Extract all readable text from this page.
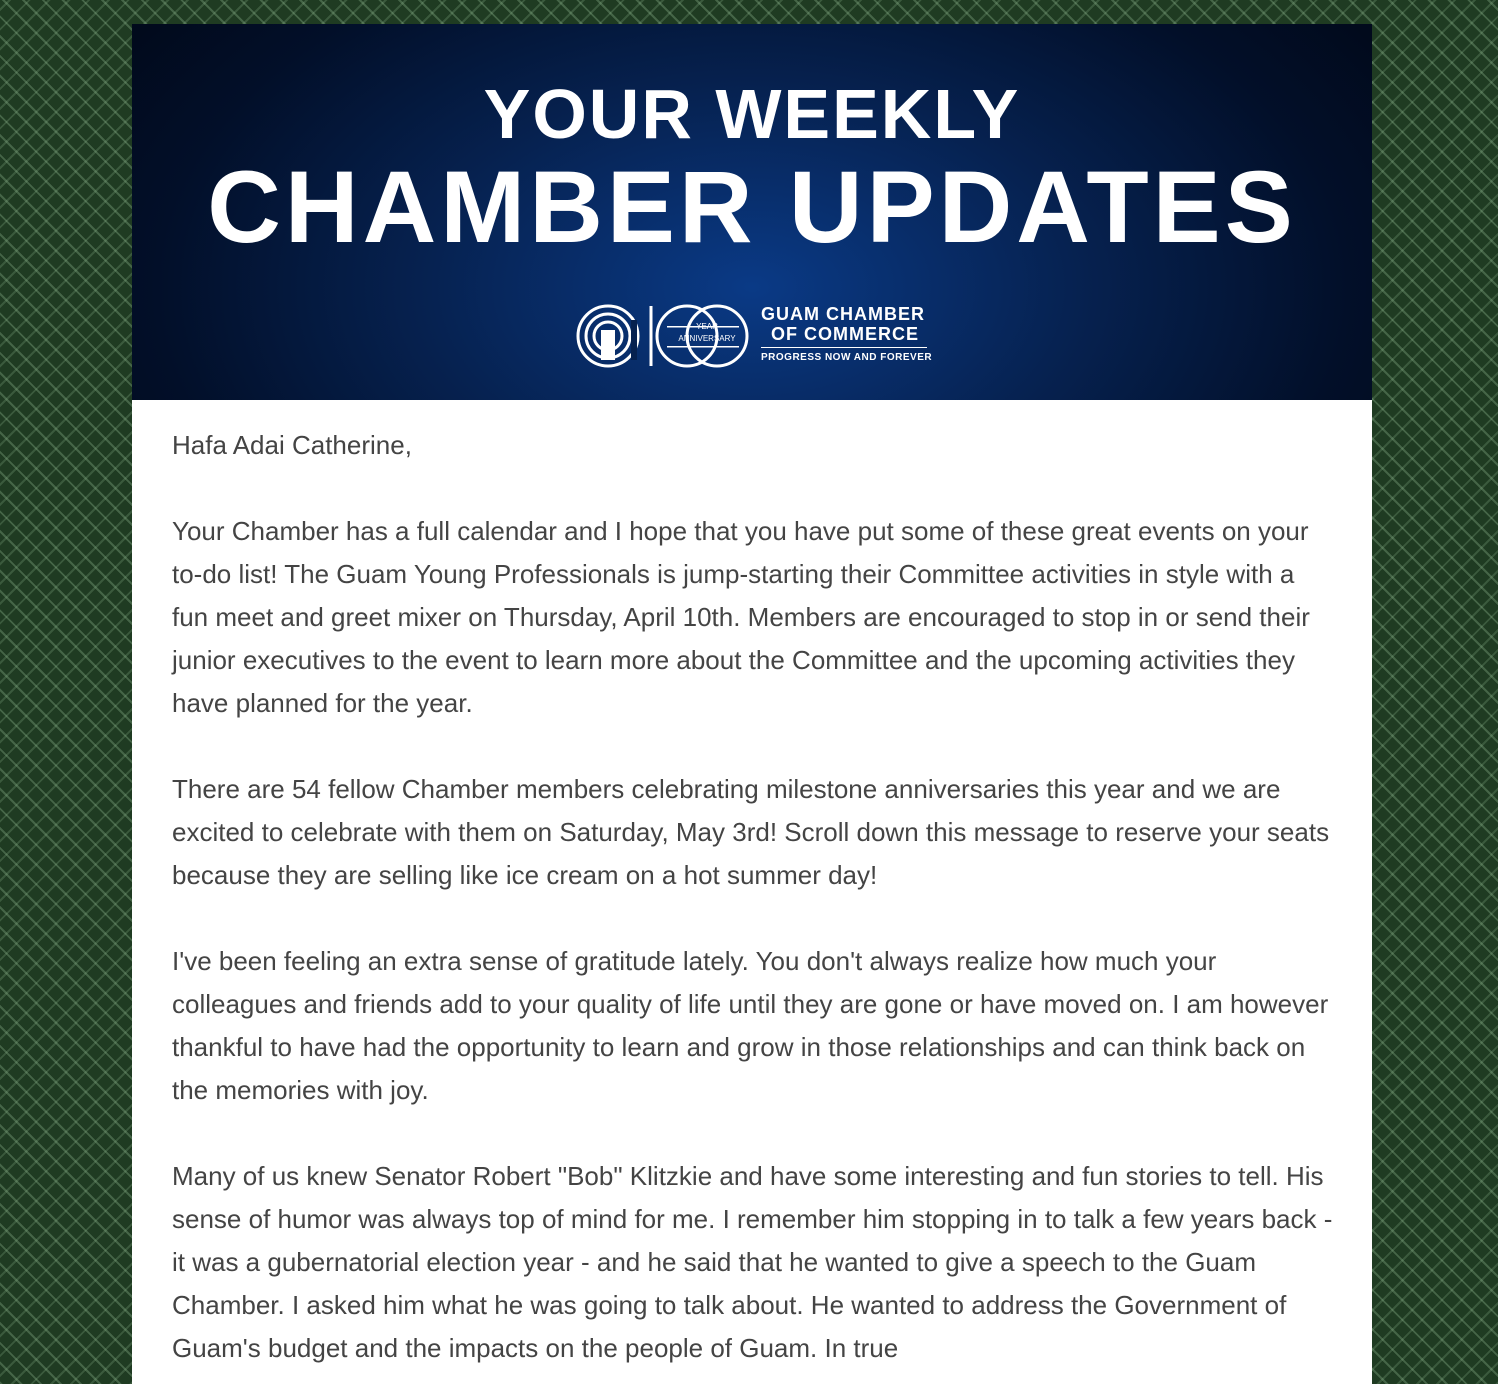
YOUR WEEKLY
CHAMBER UPDATES
YEAR
ANNIVERSARY
GUAM CHAMBER
OF COMMERCE
PROGRESS NOW AND FOREVER

Hafa Adai Catherine,

Your Chamber has a full calendar and I hope that you have put some of these great events on your to-do list! The Guam Young Professionals is jump-starting their Committee activities in style with a fun meet and greet mixer on Thursday, April 10th. Members are encouraged to stop in or send their junior executives to the event to learn more about the Committee and the upcoming activities they have planned for the year.

There are 54 fellow Chamber members celebrating milestone anniversaries this year and we are excited to celebrate with them on Saturday, May 3rd! Scroll down this message to reserve your seats because they are selling like ice cream on a hot summer day!

I've been feeling an extra sense of gratitude lately. You don't always realize how much your colleagues and friends add to your quality of life until they are gone or have moved on. I am however thankful to have had the opportunity to learn and grow in those relationships and can think back on the memories with joy.

Many of us knew Senator Robert "Bob" Klitzkie and have some interesting and fun stories to tell. His sense of humor was always top of mind for me. I remember him stopping in to talk a few years back - it was a gubernatorial election year - and he said that he wanted to give a speech to the Guam Chamber. I asked him what he was going to talk about. He wanted to address the Government of Guam's budget and the impacts on the people of Guam. In true
